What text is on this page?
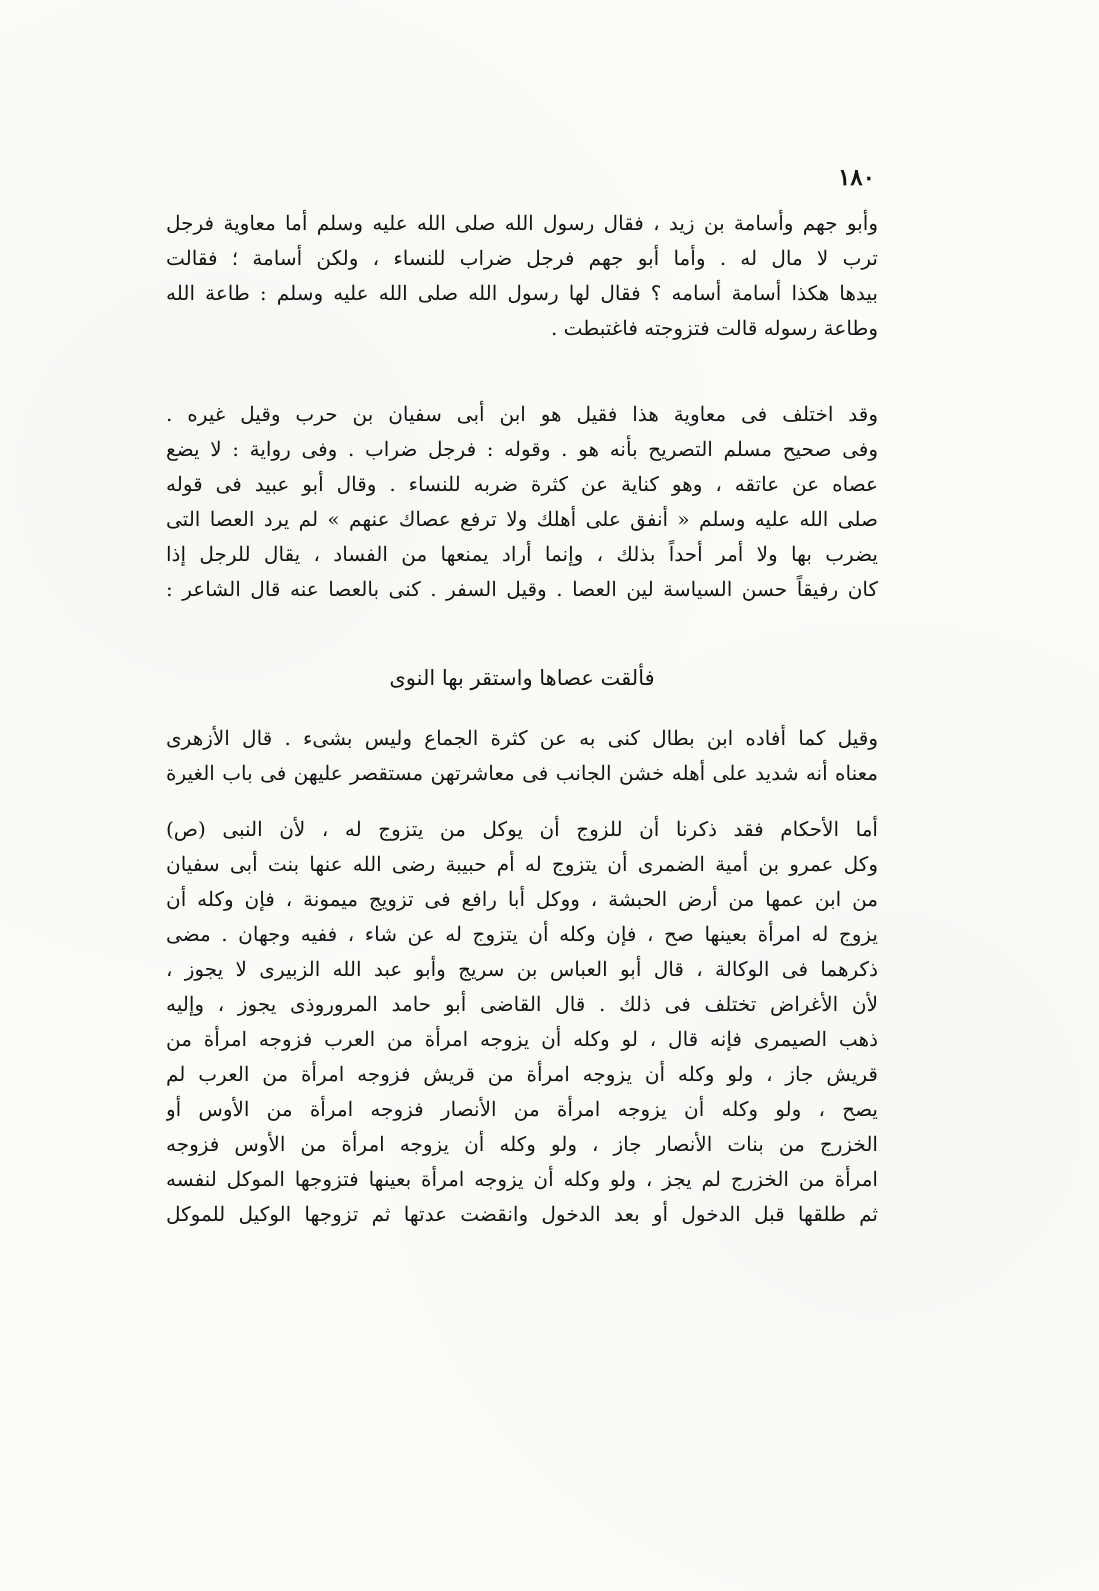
١٨٠
وأبو جهم وأسامة بن زيد ، فقال رسول الله صلى الله عليه وسلم أما معاوية فرجل
ترب لا مال له . وأما أبو جهم فرجل ضراب للنساء ، ولكن أسامة ؛ فقالت
بيدها هكذا أسامة أسامه ؟ فقال لها رسول الله صلى الله عليه وسلم : طاعة الله
وطاعة رسوله قالت فتزوجته فاغتبطت .
وقد اختلف فى معاوية هذا فقيل هو ابن أبى سفيان بن حرب وقيل غيره .
وفى صحيح مسلم التصريح بأنه هو . وقوله : فرجل ضراب . وفى رواية : لا يضع
عصاه عن عاتقه ، وهو كناية عن كثرة ضربه للنساء . وقال أبو عبيد فى قوله
صلى الله عليه وسلم « أنفق على أهلك ولا ترفع عصاك عنهم » لم يرد العصا التى
يضرب بها ولا أمر أحداً بذلك ، وإنما أراد يمنعها من الفساد ، يقال للرجل إذا
كان رفيقاً حسن السياسة لين العصا . وقيل السفر . كنى بالعصا عنه قال الشاعر :
فألقت عصاها واستقر بها النوى
وقيل كما أفاده ابن بطال كنى به عن كثرة الجماع وليس بشىء . قال الأزهرى
معناه أنه شديد على أهله خشن الجانب فى معاشرتهن مستقصر عليهن فى باب الغيرة
أما الأحكام فقد ذكرنا أن للزوج أن يوكل من يتزوج له ، لأن النبى (ص)
وكل عمرو بن أمية الضمرى أن يتزوج له أم حبيبة رضى الله عنها بنت أبى سفيان
من ابن عمها من أرض الحبشة ، ووكل أبا رافع فى تزويج ميمونة ، فإن وكله أن
يزوج له امرأة بعينها صح ، فإن وكله أن يتزوج له عن شاء ، ففيه وجهان . مضى
ذكرهما فى الوكالة ، قال أبو العباس بن سريج وأبو عبد الله الزبيرى لا يجوز ،
لأن الأغراض تختلف فى ذلك . قال القاضى أبو حامد المروروذى يجوز ، وإليه
ذهب الصيمرى فإنه قال ، لو وكله أن يزوجه امرأة من العرب فزوجه امرأة من
قريش جاز ، ولو وكله أن يزوجه امرأة من قريش فزوجه امرأة من العرب لم
يصح ، ولو وكله أن يزوجه امرأة من الأنصار فزوجه امرأة من الأوس أو
الخزرج من بنات الأنصار جاز ، ولو وكله أن يزوجه امرأة من الأوس فزوجه
امرأة من الخزرج لم يجز ، ولو وكله أن يزوجه امرأة بعينها فتزوجها الموكل لنفسه
ثم طلقها قبل الدخول أو بعد الدخول وانقضت عدتها ثم تزوجها الوكيل للموكل
